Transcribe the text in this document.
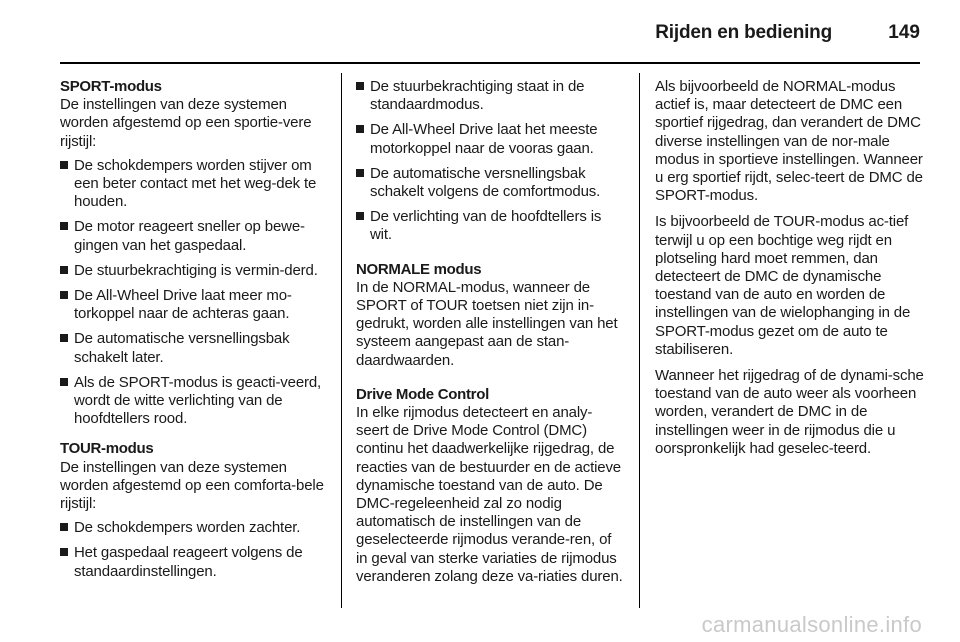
Rijden en bediening	149

SPORT-modus

De instellingen van deze systemen worden afgestemd op een sportie-vere rijstijl:

De schokdempers worden stijver om een beter contact met het weg-dek te houden.
De motor reageert sneller op bewe-gingen van het gaspedaal.
De stuurbekrachtiging is vermin-derd.
De All-Wheel Drive laat meer mo-torkoppel naar de achteras gaan.
De automatische versnellingsbak schakelt later.
Als de SPORT-modus is geacti-veerd, wordt de witte verlichting van de hoofdtellers rood.

TOUR-modus

De instellingen van deze systemen worden afgestemd op een comforta-bele rijstijl:

De schokdempers worden zachter.
Het gaspedaal reageert volgens de standaardinstellingen.
De stuurbekrachtiging staat in de standaardmodus.
De All-Wheel Drive laat het meeste motorkoppel naar de vooras gaan.
De automatische versnellingsbak schakelt volgens de comfortmodus.
De verlichting van de hoofdtellers is wit.

NORMALE modus

In de NORMAL-modus, wanneer de SPORT of TOUR toetsen niet zijn in-gedrukt, worden alle instellingen van het systeem aangepast aan de stan-daardwaarden.

Drive Mode Control

In elke rijmodus detecteert en analy-seert de Drive Mode Control (DMC) continu het daadwerkelijke rijgedrag, de reacties van de bestuurder en de actieve dynamische toestand van de auto. De DMC-regeleenheid zal zo nodig automatisch de instellingen van de geselecteerde rijmodus verande-ren, of in geval van sterke variaties de rijmodus veranderen zolang deze va-riaties duren.

Als bijvoorbeeld de NORMAL-modus actief is, maar detecteert de DMC een sportief rijgedrag, dan verandert de DMC diverse instellingen van de nor-male modus in sportieve instellingen. Wanneer u erg sportief rijdt, selec-teert de DMC de SPORT-modus.

Is bijvoorbeeld de TOUR-modus ac-tief terwijl u op een bochtige weg rijdt en plotseling hard moet remmen, dan detecteert de DMC de dynamische toestand van de auto en worden de instellingen van de wielophanging in de SPORT-modus gezet om de auto te stabiliseren.

Wanneer het rijgedrag of de dynami-sche toestand van de auto weer als voorheen worden, verandert de DMC in de instellingen weer in de rijmodus die u oorspronkelijk had geselec-teerd.

carmanualsonline.info
